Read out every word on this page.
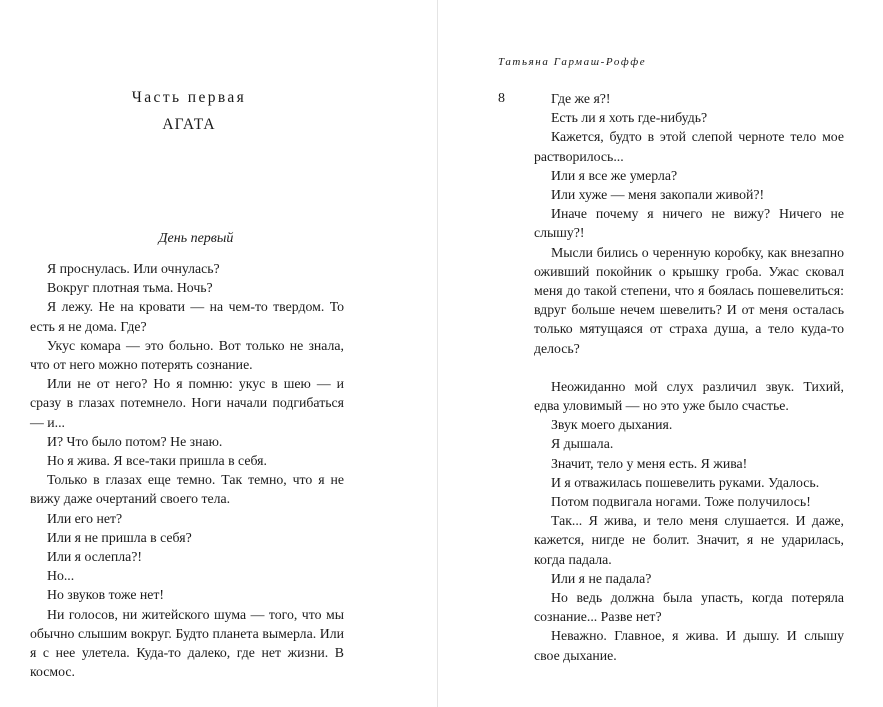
Часть первая
АГАТА
День первый

Я проснулась. Или очнулась?

Вокруг плотная тьма. Ночь?

Я лежу. Не на кровати — на чем-то твердом. То есть я не дома. Где?

Укус комара — это больно. Вот только не знала, что от него можно потерять сознание.

Или не от него? Но я помню: укус в шею — и сразу в глазах потемнело. Ноги начали подгибаться — и...

И? Что было потом? Не знаю.

Но я жива. Я все-таки пришла в себя.

Только в глазах еще темно. Так темно, что я не вижу даже очертаний своего тела.

Или его нет?

Или я не пришла в себя?

Или я ослепла?!

Но...

Но звуков тоже нет!

Ни голосов, ни житейского шума — того, что мы обычно слышим вокруг. Будто планета вымерла. Или я с нее улетела. Куда-то далеко, где нет жизни. В космос.

Татьяна Гармаш-Роффе
8	Где же я?!

Есть ли я хоть где-нибудь?

Кажется, будто в этой слепой черноте тело мое растворилось...

Или я все же умерла?

Или хуже — меня закопали живой?!

Иначе почему я ничего не вижу? Ничего не слышу?!

Мысли бились о черенную коробку, как внезапно оживший покойник о крышку гроба. Ужас сковал меня до такой степени, что я боялась пошевелиться: вдруг больше нечем шевелить? И от меня осталась только мятущаяся от страха душа, а тело куда-то делось?

Неожиданно мой слух различил звук. Тихий, едва уловимый — но это уже было счастье.

Звук моего дыхания.

Я дышала.

Значит, тело у меня есть. Я жива!

И я отважилась пошевелить руками. Удалось.

Потом подвигала ногами. Тоже получилось!

Так... Я жива, и тело меня слушается. И даже, кажется, нигде не болит. Значит, я не ударилась, когда падала.

Или я не падала?

Но ведь должна была упасть, когда потеряла сознание... Разве нет?

Неважно. Главное, я жива. И дышу. И слышу свое дыхание.
